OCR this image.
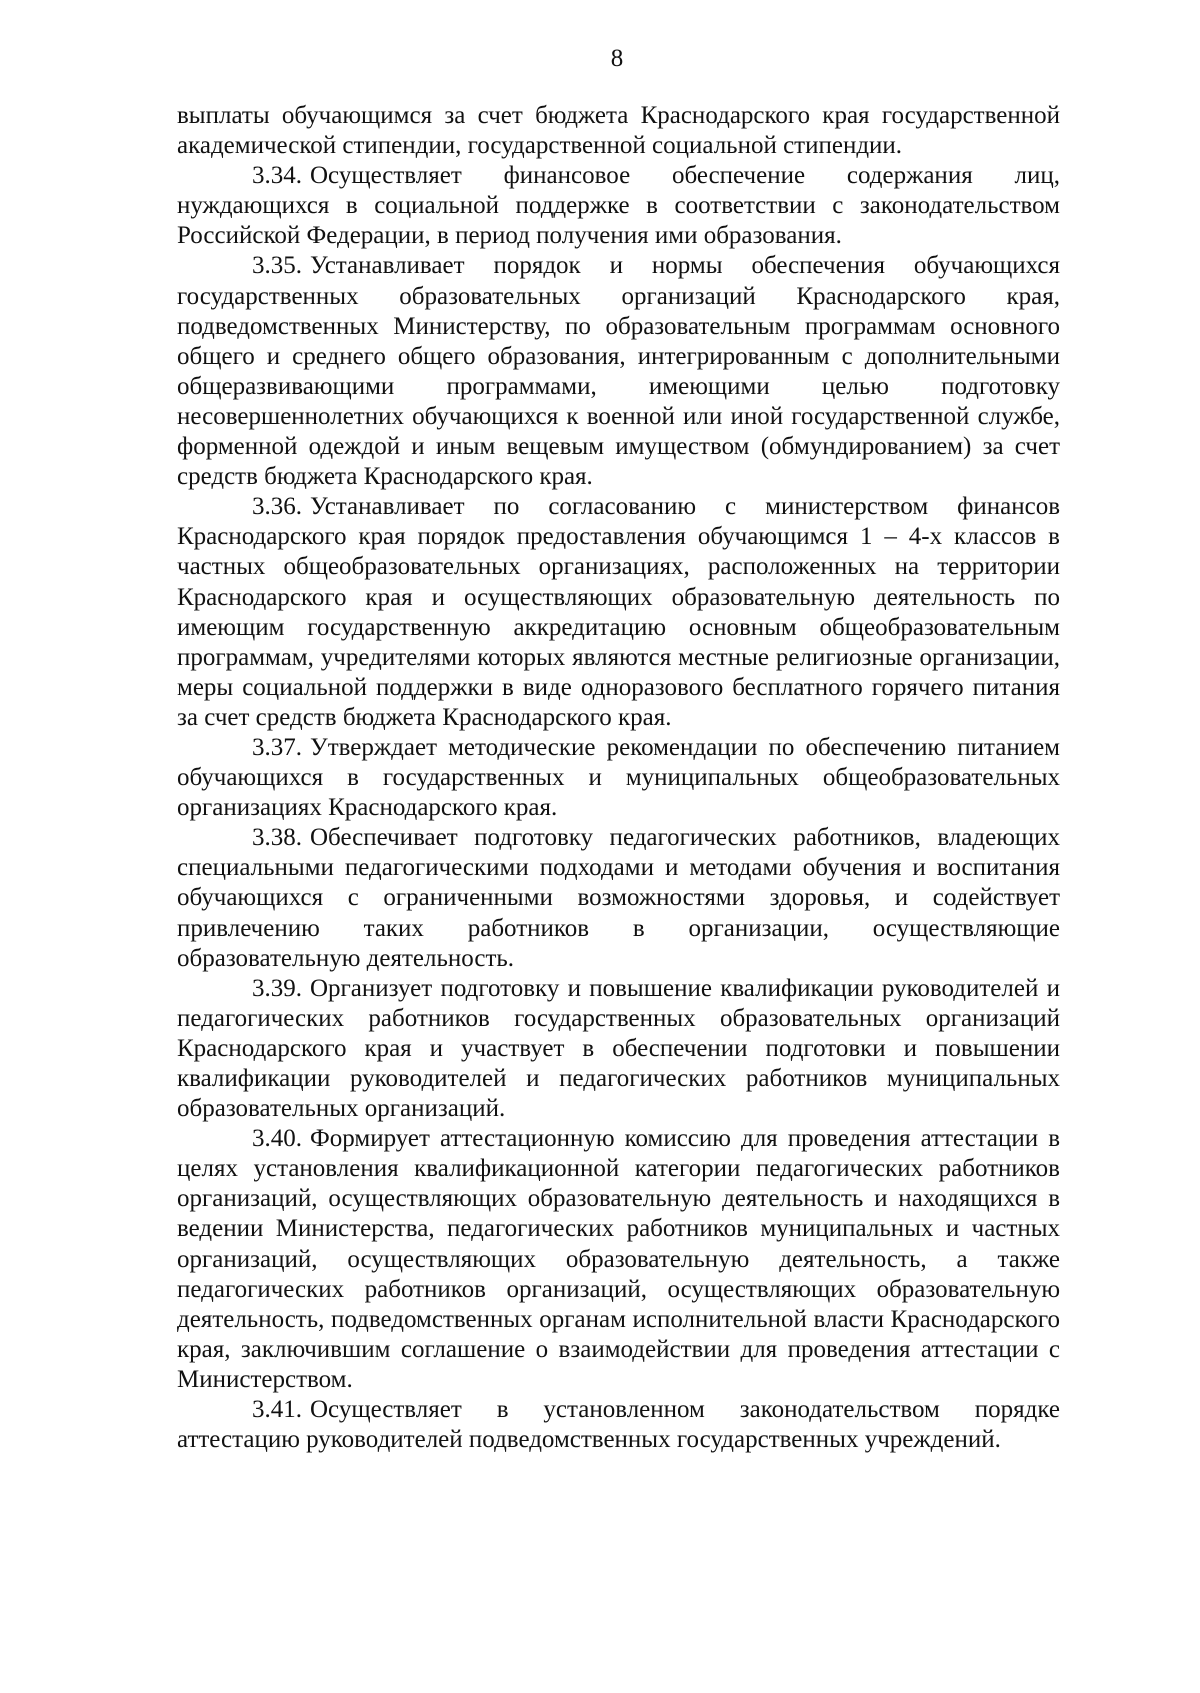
8

выплаты обучающимся за счет бюджета Краснодарского края государственной академической стипендии, государственной социальной стипендии.

3.34. Осуществляет финансовое обеспечение содержания лиц, нуждающихся в социальной поддержке в соответствии с законодательством Российской Федерации, в период получения ими образования.

3.35. Устанавливает порядок и нормы обеспечения обучающихся государственных образовательных организаций Краснодарского края, подведомственных Министерству, по образовательным программам основного общего и среднего общего образования, интегрированным с дополнительными общеразвивающими программами, имеющими целью подготовку несовершеннолетних обучающихся к военной или иной государственной службе, форменной одеждой и иным вещевым имуществом (обмундированием) за счет средств бюджета Краснодарского края.

3.36. Устанавливает по согласованию с министерством финансов Краснодарского края порядок предоставления обучающимся 1 – 4-х классов в частных общеобразовательных организациях, расположенных на территории Краснодарского края и осуществляющих образовательную деятельность по имеющим государственную аккредитацию основным общеобразовательным программам, учредителями которых являются местные религиозные организации, меры социальной поддержки в виде одноразового бесплатного горячего питания за счет средств бюджета Краснодарского края.

3.37. Утверждает методические рекомендации по обеспечению питанием обучающихся в государственных и муниципальных общеобразовательных организациях Краснодарского края.

3.38. Обеспечивает подготовку педагогических работников, владеющих специальными педагогическими подходами и методами обучения и воспитания обучающихся с ограниченными возможностями здоровья, и содействует привлечению таких работников в организации, осуществляющие образовательную деятельность.

3.39. Организует подготовку и повышение квалификации руководителей и педагогических работников государственных образовательных организаций Краснодарского края и участвует в обеспечении подготовки и повышении квалификации руководителей и педагогических работников муниципальных образовательных организаций.

3.40. Формирует аттестационную комиссию для проведения аттестации в целях установления квалификационной категории педагогических работников организаций, осуществляющих образовательную деятельность и находящихся в ведении Министерства, педагогических работников муниципальных и частных организаций, осуществляющих образовательную деятельность, а также педагогических работников организаций, осуществляющих образовательную деятельность, подведомственных органам исполнительной власти Краснодарского края, заключившим соглашение о взаимодействии для проведения аттестации с Министерством.

3.41. Осуществляет в установленном законодательством порядке аттестацию руководителей подведомственных государственных учреждений.
